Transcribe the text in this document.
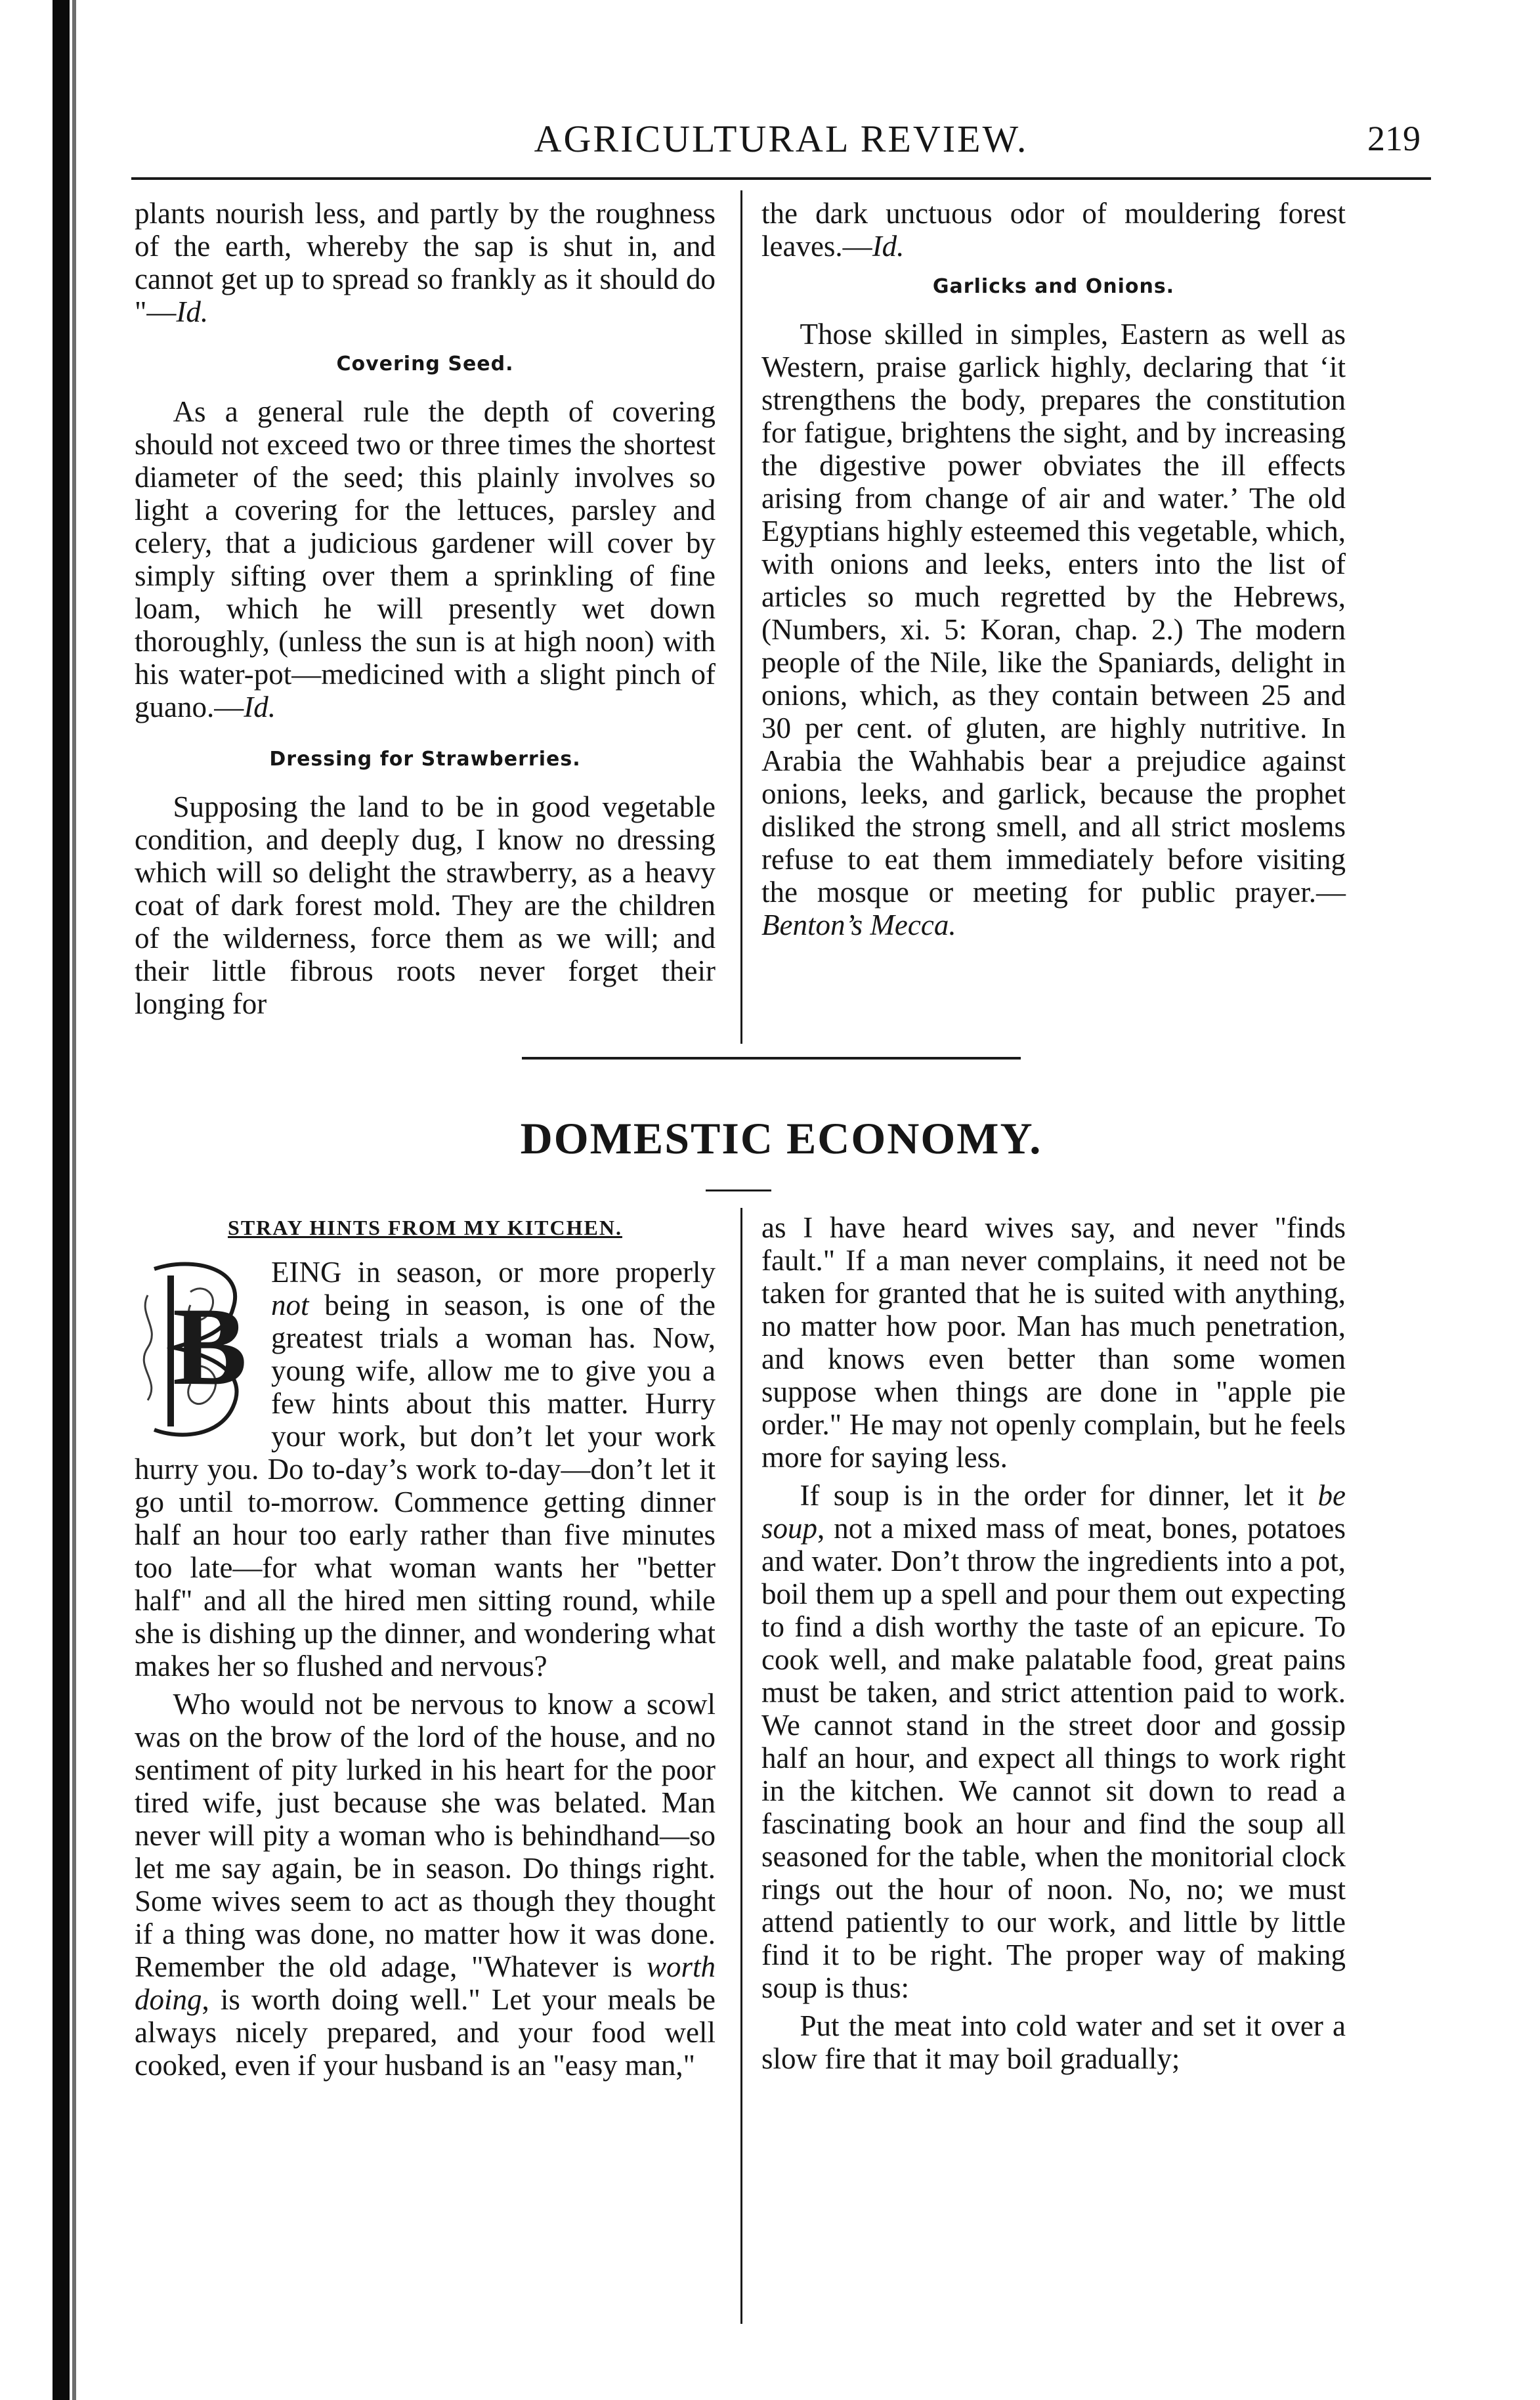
AGRICULTURAL REVIEW.	219

plants nourish less, and partly by the roughness of the earth, whereby the sap is shut in, and cannot get up to spread so frankly as it should do "—Id.

Covering Seed.

As a general rule the depth of covering should not exceed two or three times the shortest diameter of the seed; this plainly involves so light a covering for the lettuces, parsley and celery, that a judicious gardener will cover by simply sifting over them a sprinkling of fine loam, which he will presently wet down thoroughly, (unless the sun is at high noon) with his water-pot—medicined with a slight pinch of guano.—Id.

Dressing for Strawberries.

Supposing the land to be in good vegetable condition, and deeply dug, I know no dressing which will so delight the strawberry, as a heavy coat of dark forest mold. They are the children of the wilderness, force them as we will; and their little fibrous roots never forget their longing for

the dark unctuous odor of mouldering forest leaves.—Id.

Garlicks and Onions.

Those skilled in simples, Eastern as well as Western, praise garlick highly, declaring that ‘it strengthens the body, prepares the constitution for fatigue, brightens the sight, and by increasing the digestive power obviates the ill effects arising from change of air and water.’ The old Egyptians highly esteemed this vegetable, which, with onions and leeks, enters into the list of articles so much regretted by the Hebrews, (Numbers, xi. 5: Koran, chap. 2.) The modern people of the Nile, like the Spaniards, delight in onions, which, as they contain between 25 and 30 per cent. of gluten, are highly nutritive. In Arabia the Wahhabis bear a prejudice against onions, leeks, and garlick, because the prophet disliked the strong smell, and all strict moslems refuse to eat them immediately before visiting the mosque or meeting for public prayer.—Benton’s Mecca.

DOMESTIC ECONOMY.
STRAY HINTS FROM MY KITCHEN.

B
EING in season, or more properly not being in season, is one of the greatest trials a woman has. Now, young wife, allow me to give you a few hints about this matter. Hurry your work, but don’t let your work hurry you. Do to-day’s work to-day—don’t let it go until to-morrow. Commence getting dinner half an hour too early rather than five minutes too late—for what woman wants her "better half" and all the hired men sitting round, while she is dishing up the dinner, and wondering what makes her so flushed and nervous?

Who would not be nervous to know a scowl was on the brow of the lord of the house, and no sentiment of pity lurked in his heart for the poor tired wife, just because she was belated. Man never will pity a woman who is behindhand—so let me say again, be in season. Do things right. Some wives seem to act as though they thought if a thing was done, no matter how it was done. Remember the old adage, "Whatever is worth doing, is worth doing well." Let your meals be always nicely prepared, and your food well cooked, even if your husband is an "easy man,"

as I have heard wives say, and never "finds fault." If a man never complains, it need not be taken for granted that he is suited with anything, no matter how poor. Man has much penetration, and knows even better than some women suppose when things are done in "apple pie order." He may not openly complain, but he feels more for saying less.

If soup is in the order for dinner, let it be soup, not a mixed mass of meat, bones, potatoes and water. Don’t throw the ingredients into a pot, boil them up a spell and pour them out expecting to find a dish worthy the taste of an epicure. To cook well, and make palatable food, great pains must be taken, and strict attention paid to work. We cannot stand in the street door and gossip half an hour, and expect all things to work right in the kitchen. We cannot sit down to read a fascinating book an hour and find the soup all seasoned for the table, when the monitorial clock rings out the hour of noon. No, no; we must attend patiently to our work, and little by little find it to be right. The proper way of making soup is thus:

Put the meat into cold water and set it over a slow fire that it may boil gradually;
